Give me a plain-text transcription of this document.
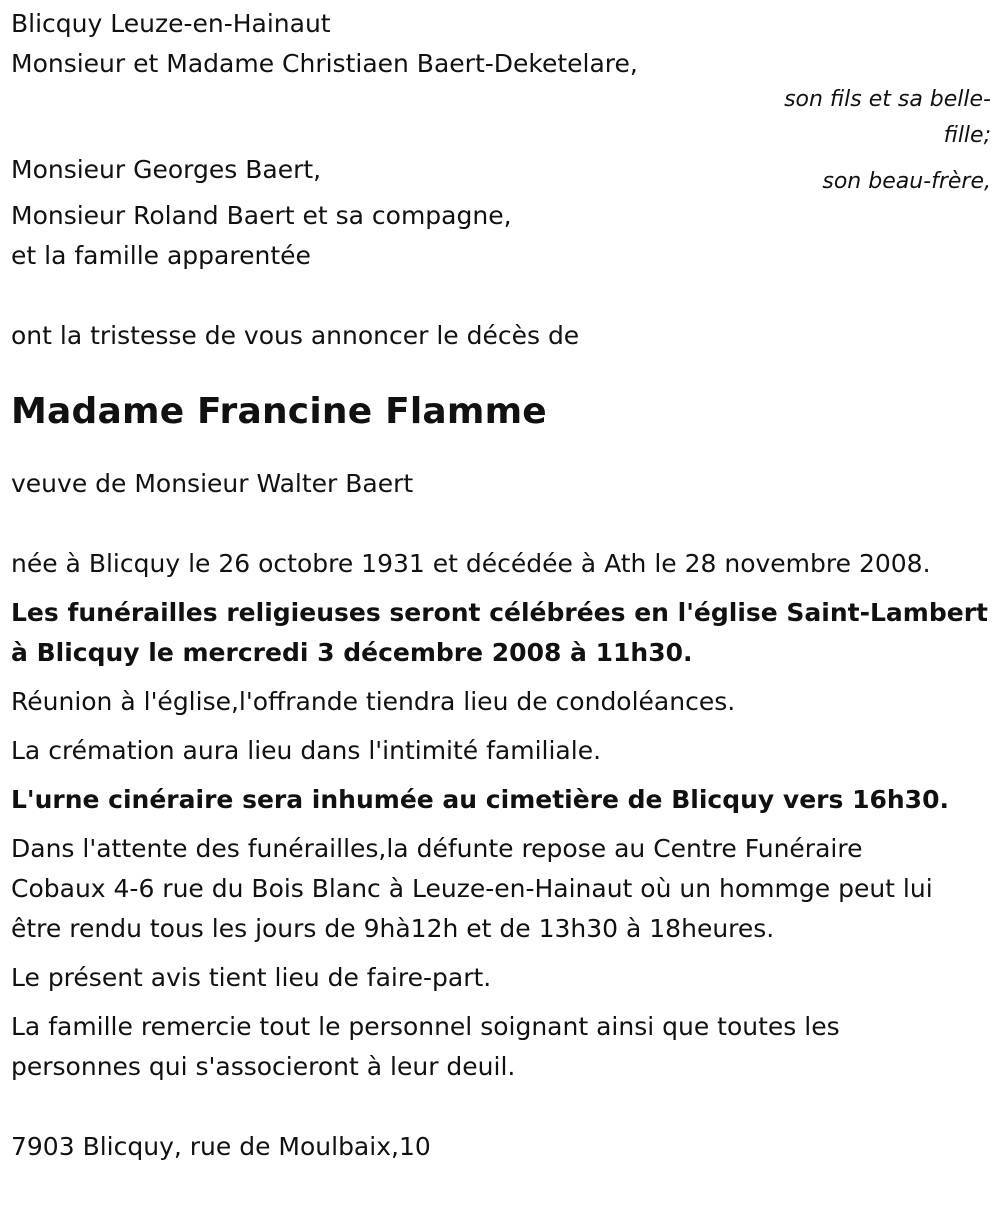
Blicquy Leuze-en-Hainaut
Monsieur et Madame Christiaen Baert-Deketelare,
son fils et sa belle-
fille;
Monsieur Georges Baert,	son beau-frère,
Monsieur Roland Baert et sa compagne,
et la famille apparentée
ont la tristesse de vous annoncer le décès de
Madame Francine Flamme
veuve de Monsieur Walter Baert
née à Blicquy le 26 octobre 1931 et décédée à Ath le 28 novembre 2008.
Les funérailles religieuses seront célébrées en l'église Saint-Lambert
à Blicquy le mercredi 3 décembre 2008 à 11h30.
Réunion à l'église,l'offrande tiendra lieu de condoléances.
La crémation aura lieu dans l'intimité familiale.
L'urne cinéraire sera inhumée au cimetière de Blicquy vers 16h30.
Dans l'attente des funérailles,la défunte repose au Centre Funéraire
Cobaux 4-6 rue du Bois Blanc à Leuze-en-Hainaut où un hommge peut lui
être rendu tous les jours de 9hà12h et de 13h30 à 18heures.
Le présent avis tient lieu de faire-part.
La famille remercie tout le personnel soignant ainsi que toutes les
personnes qui s'associeront à leur deuil.
7903 Blicquy, rue de Moulbaix,10
